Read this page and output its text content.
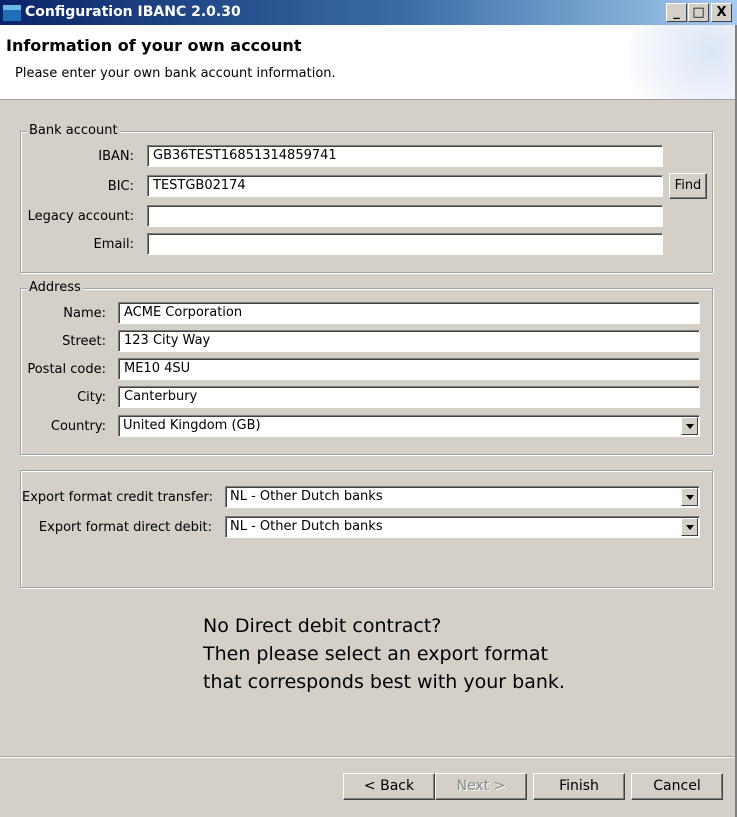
Configuration IBANC 2.0.30	_ □ X
Information of your own account
Please enter your own bank account information.
Bank account
IBAN:	GB36TEST16851314859741
BIC:	TESTGB02174	Find
Legacy account:
Email:
Address
Name:	ACME Corporation
Street:	123 City Way
Postal code:	ME10 4SU
City:	Canterbury
Country: United Kingdom (GB)
Export format credit transfer: NL - Other Dutch banks
Export format direct debit: NL - Other Dutch banks
No Direct debit contract?
Then please select an export format
that corresponds best with your bank.
< Back	Next >	Finish	Cancel
